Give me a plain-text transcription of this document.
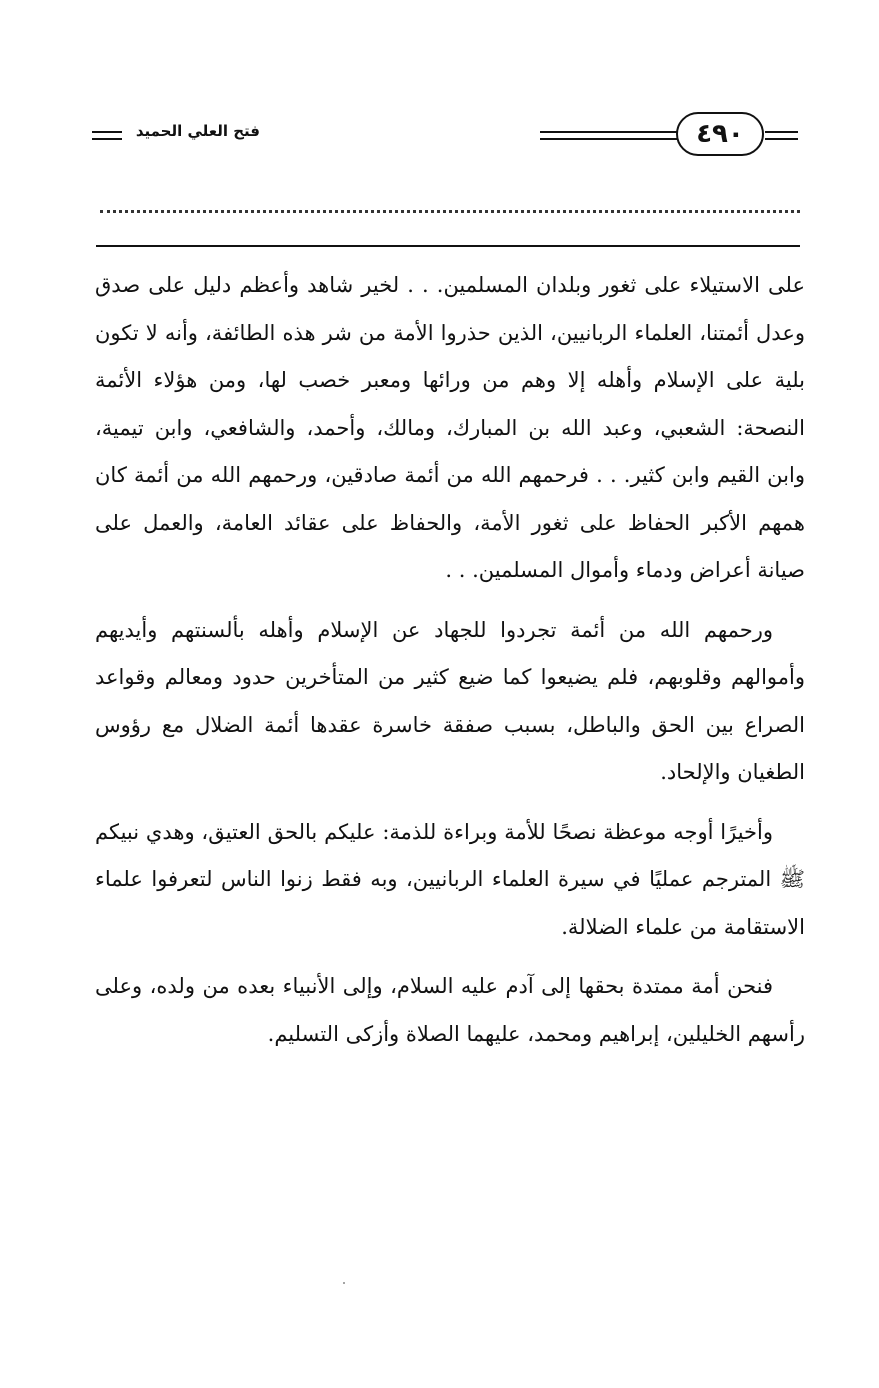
فتح العلي الحميد	٤٩٠

على الاستيلاء على ثغور وبلدان المسلمين. . . لخير شاهد وأعظم دليل على صدق وعدل أئمتنا، العلماء الربانيين، الذين حذروا الأمة من شر هذه الطائفة، وأنه لا تكون بلية على الإسلام وأهله إلا وهم من ورائها ومعبر خصب لها، ومن هؤلاء الأئمة النصحة: الشعبي، وعبد الله بن المبارك، ومالك، وأحمد، والشافعي، وابن تيمية، وابن القيم وابن كثير. . . فرحمهم الله من أئمة صادقين، ورحمهم الله من أئمة كان همهم الأكبر الحفاظ على ثغور الأمة، والحفاظ على عقائد العامة، والعمل على صيانة أعراض ودماء وأموال المسلمين. . .

ورحمهم الله من أئمة تجردوا للجهاد عن الإسلام وأهله بألسنتهم وأيديهم وأموالهم وقلوبهم، فلم يضيعوا كما ضيع كثير من المتأخرين حدود ومعالم وقواعد الصراع بين الحق والباطل، بسبب صفقة خاسرة عقدها أئمة الضلال مع رؤوس الطغيان والإلحاد.

وأخيرًا أوجه موعظة نصحًا للأمة وبراءة للذمة: عليكم بالحق العتيق، وهدي نبيكم ﷺ المترجم عمليًا في سيرة العلماء الربانيين، وبه فقط زنوا الناس لتعرفوا علماء الاستقامة من علماء الضلالة.

فنحن أمة ممتدة بحقها إلى آدم عليه السلام، وإلى الأنبياء بعده من ولده، وعلى رأسهم الخليلين، إبراهيم ومحمد، عليهما الصلاة وأزكى التسليم.
